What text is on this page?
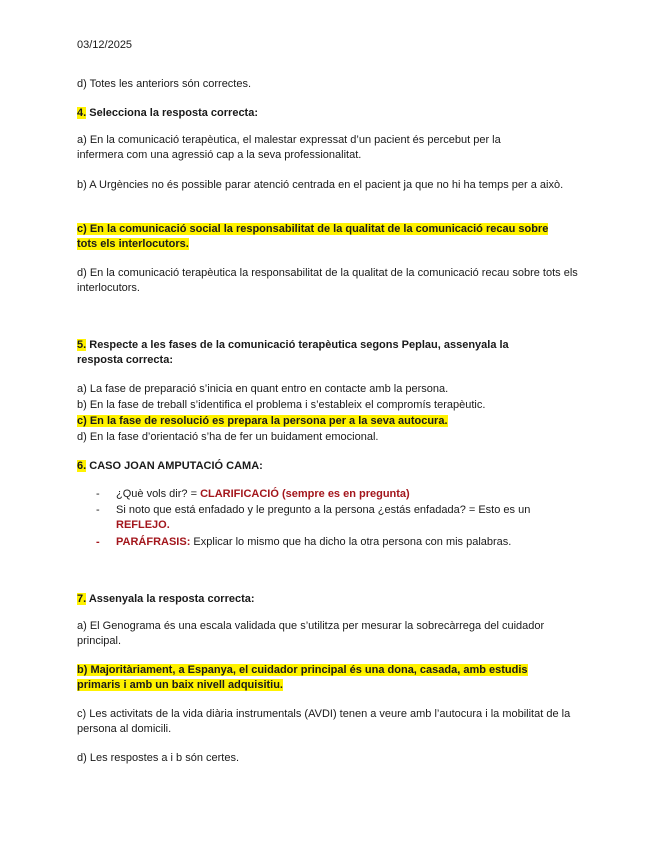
03/12/2025
d) Totes les anteriors són correctes.
4. Selecciona la resposta correcta:
a) En la comunicació terapèutica, el malestar expressat d’un pacient és percebut per la infermera com una agressió cap a la seva professionalitat.
b) A Urgències no és possible parar atenció centrada en el pacient ja que no hi ha temps per a això.
c) En la comunicació social la responsabilitat de la qualitat de la comunicació recau sobre tots els interlocutors.
d) En la comunicació terapèutica la responsabilitat de la qualitat de la comunicació recau sobre tots els interlocutors.
5. Respecte a les fases de la comunicació terapèutica segons Peplau, assenyala la resposta correcta:
a) La fase de preparació s’inicia en quant entro en contacte amb la persona.
b) En la fase de treball s’identifica el problema i s’estableix el compromís terapèutic.
c) En la fase de resolució es prepara la persona per a la seva autocura.
d) En la fase d’orientació s’ha de fer un buidament emocional.
6. CASO JOAN AMPUTACIÓ CAMA:
- ¿Què vols dir? = CLARIFICACIÓ (sempre es en pregunta)
- Si noto que está enfadado y le pregunto a la persona ¿estás enfadada? = Esto es un REFLEJO.
- PARÁFRASIS: Explicar lo mismo que ha dicho la otra persona con mis palabras.
7. Assenyala la resposta correcta:
a) El Genograma és una escala validada que s’utilitza per mesurar la sobrecàrrega del cuidador principal.
b) Majoritàriament, a Espanya, el cuidador principal és una dona, casada, amb estudis primaris i amb un baix nivell adquisitiu.
c) Les activitats de la vida diària instrumentals (AVDI) tenen a veure amb l’autocura i la mobilitat de la persona al domicili.
d) Les respostes a i b són certes.
